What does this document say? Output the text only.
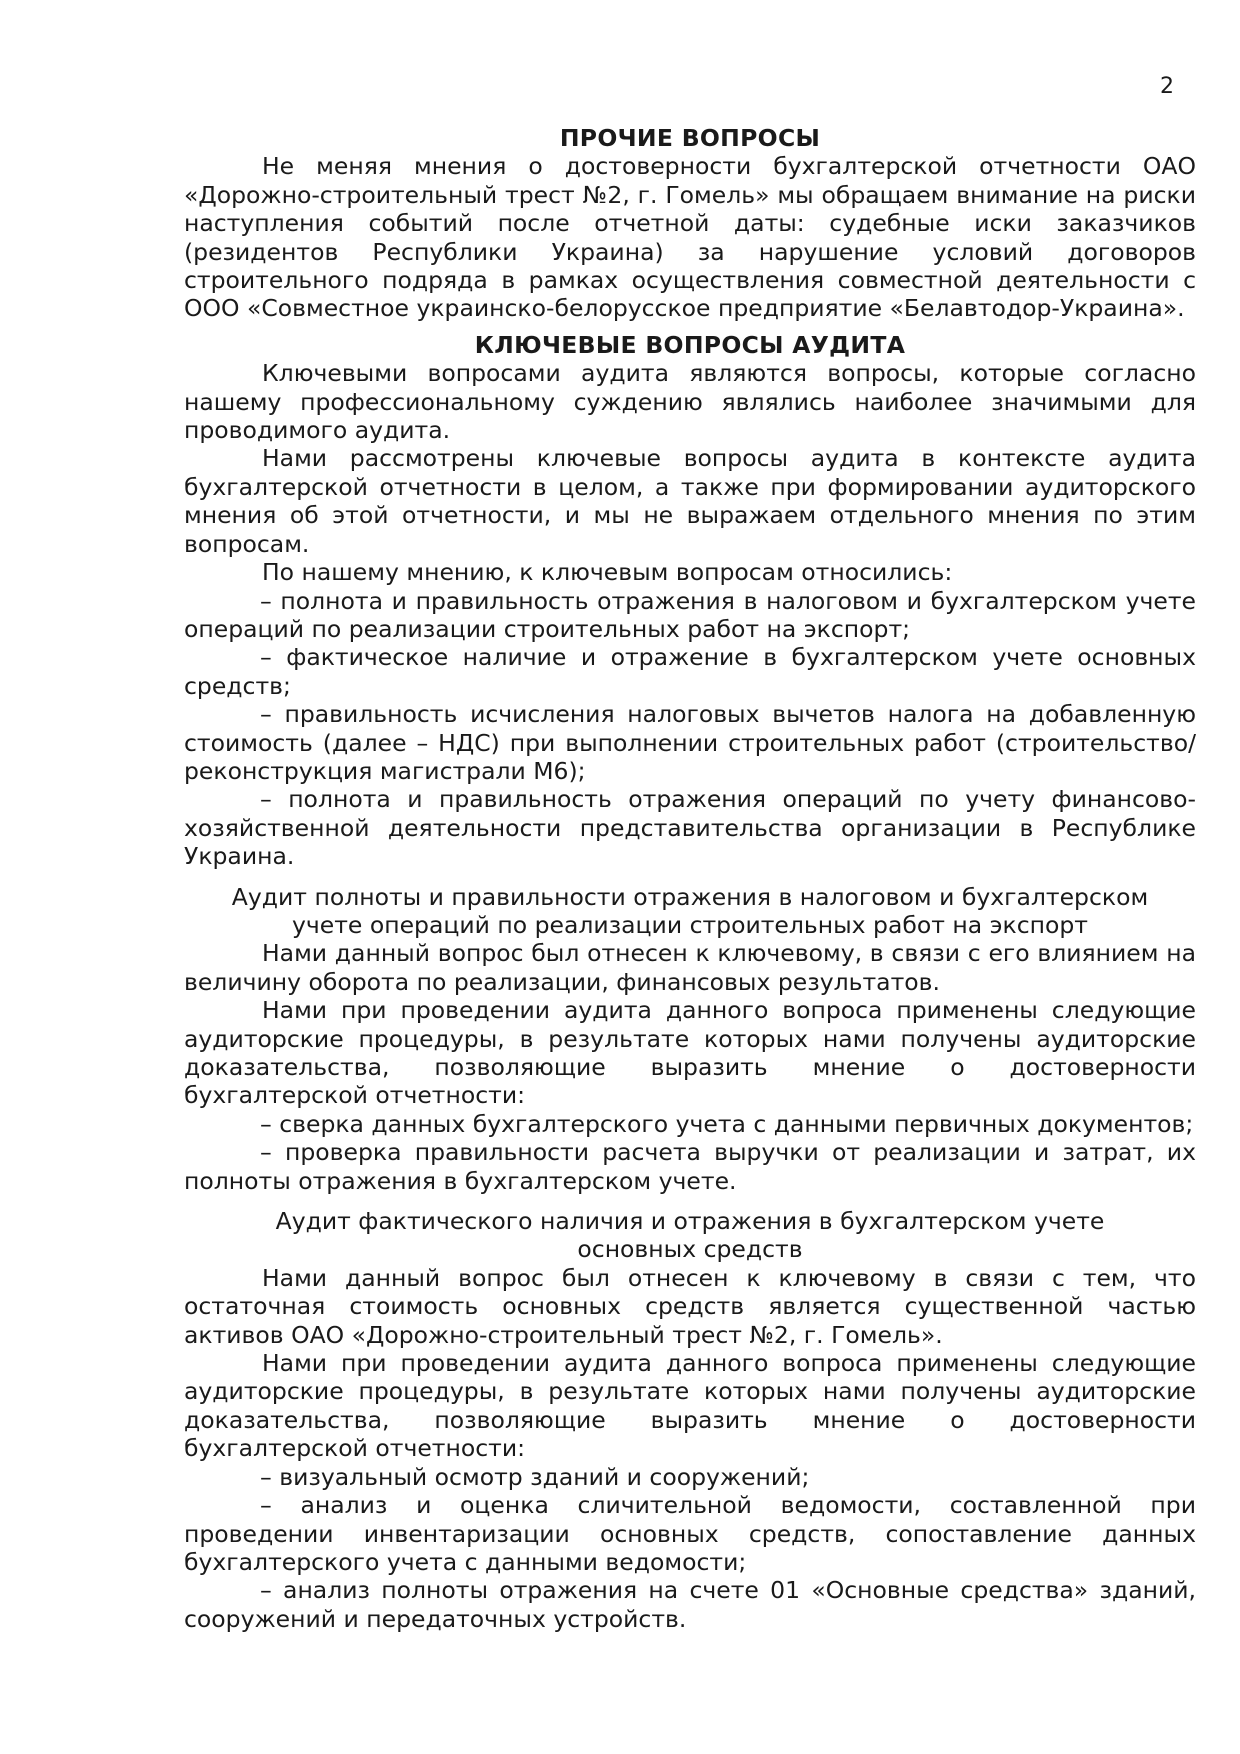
2
ПРОЧИЕ ВОПРОСЫ

Не меняя мнения о достоверности бухгалтерской отчетности ОАО «Дорожно-строительный трест №2, г. Гомель» мы обращаем внимание на риски наступления событий после отчетной даты: судебные иски заказчиков (резидентов Республики Украина) за нарушение условий договоров строительного подряда в рамках осуществления совместной деятельности с ООО «Совместное украинско-белорусское предприятие «Белавтодор-Украина».

КЛЮЧЕВЫЕ ВОПРОСЫ АУДИТА

Ключевыми вопросами аудита являются вопросы, которые согласно нашему профессиональному суждению являлись наиболее значимыми для проводимого аудита.

Нами рассмотрены ключевые вопросы аудита в контексте аудита бухгалтерской отчетности в целом, а также при формировании аудиторского мнения об этой отчетности, и мы не выражаем отдельного мнения по этим вопросам.

По нашему мнению, к ключевым вопросам относились:

– полнота и правильность отражения в налоговом и бухгалтерском учете операций по реализации строительных работ на экспорт;

– фактическое наличие и отражение в бухгалтерском учете основных средств;

– правильность исчисления налоговых вычетов налога на добавленную стоимость (далее – НДС) при выполнении строительных работ (строительство/реконструкция магистрали М6);

– полнота и правильность отражения операций по учету финансово-хозяйственной деятельности представительства организации в Республике Украина.

Аудит полноты и правильности отражения в налоговом и бухгалтерском
учете операций по реализации строительных работ на экспорт

Нами данный вопрос был отнесен к ключевому, в связи с его влиянием на величину оборота по реализации, финансовых результатов.

Нами при проведении аудита данного вопроса применены следующие аудиторские процедуры, в результате которых нами получены аудиторские доказательства, позволяющие выразить мнение о достоверности бухгалтерской отчетности:

– сверка данных бухгалтерского учета с данными первичных документов;

– проверка правильности расчета выручки от реализации и затрат, их полноты отражения в бухгалтерском учете.

Аудит фактического наличия и отражения в бухгалтерском учете
основных средств

Нами данный вопрос был отнесен к ключевому в связи с тем, что остаточная стоимость основных средств является существенной частью активов ОАО «Дорожно-строительный трест №2, г. Гомель».

Нами при проведении аудита данного вопроса применены следующие аудиторские процедуры, в результате которых нами получены аудиторские доказательства, позволяющие выразить мнение о достоверности бухгалтерской отчетности:

– визуальный осмотр зданий и сооружений;

– анализ и оценка сличительной ведомости, составленной при проведении инвентаризации основных средств, сопоставление данных бухгалтерского учета с данными ведомости;

– анализ полноты отражения на счете 01 «Основные средства» зданий, сооружений и передаточных устройств.
